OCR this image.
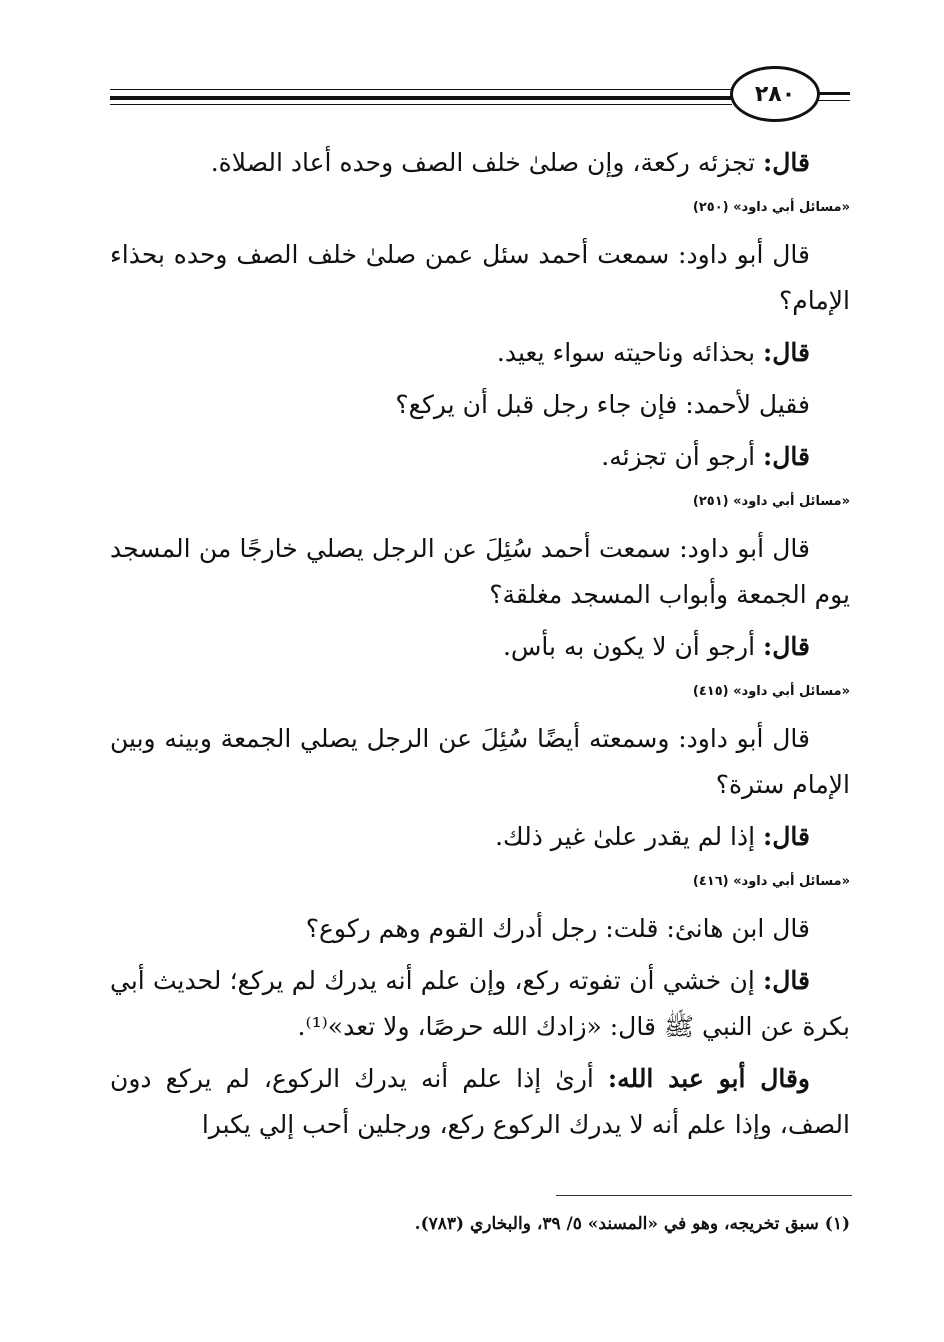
٢٨٠

قال: تجزئه ركعة، وإن صلىٰ خلف الصف وحده أعاد الصلاة.

«مسائل أبي داود» (٢٥٠)

قال أبو داود: سمعت أحمد سئل عمن صلىٰ خلف الصف وحده بحذاء الإمام؟

قال: بحذائه وناحيته سواء يعيد.

فقيل لأحمد: فإن جاء رجل قبل أن يركع؟

قال: أرجو أن تجزئه.

«مسائل أبي داود» (٢٥١)

قال أبو داود: سمعت أحمد سُئِلَ عن الرجل يصلي خارجًا من المسجد يوم الجمعة وأبواب المسجد مغلقة؟

قال: أرجو أن لا يكون به بأس.

«مسائل أبي داود» (٤١٥)

قال أبو داود: وسمعته أيضًا سُئِلَ عن الرجل يصلي الجمعة وبينه وبين الإمام سترة؟

قال: إذا لم يقدر علىٰ غير ذلك.

«مسائل أبي داود» (٤١٦)

قال ابن هانئ: قلت: رجل أدرك القوم وهم ركوع؟

قال: إن خشي أن تفوته ركع، وإن علم أنه يدرك لم يركع؛ لحديث أبي بكرة عن النبي ﷺ قال: «زادك الله حرصًا، ولا تعد»⁽¹⁾.

وقال أبو عبد الله: أرىٰ إذا علم أنه يدرك الركوع، لم يركع دون الصف، وإذا علم أنه لا يدرك الركوع ركع، ورجلين أحب إلي يكبرا

(١) سبق تخريجه، وهو في «المسند» ٥/ ٣٩، والبخاري (٧٨٣).
